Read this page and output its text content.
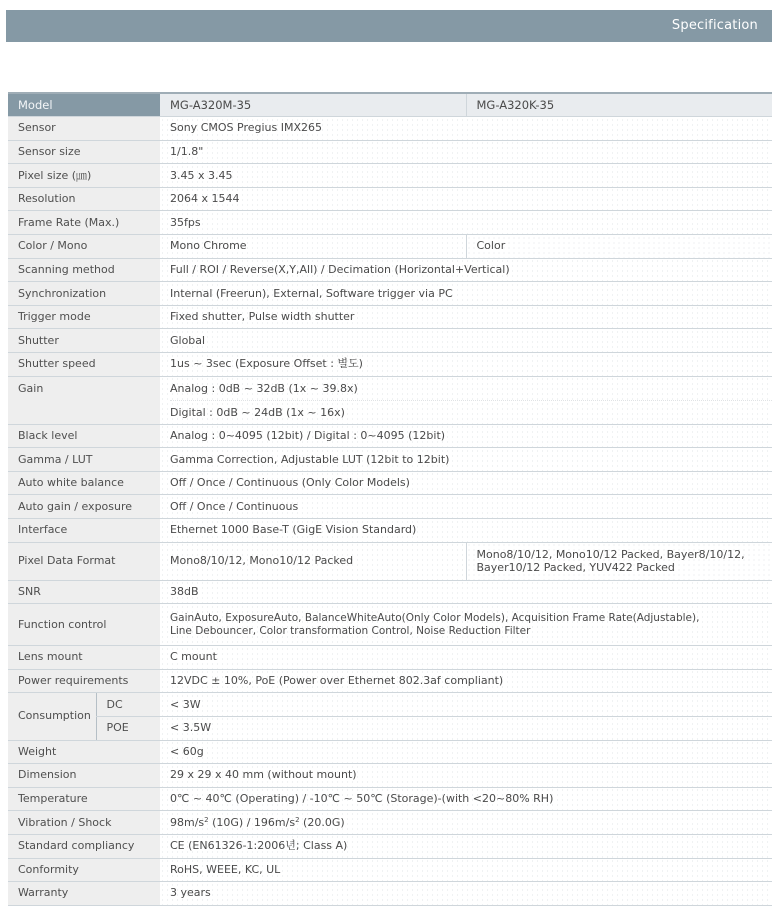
Specification
Model		MG-A320M-35	MG-A320K-35
Sensor		Sony CMOS Pregius IMX265	
Sensor size		1/1.8"	
Pixel size (㎛)		3.45 x 3.45	
Resolution		2064 x 1544	
Frame Rate (Max.)		35fps	
Color / Mono		Mono Chrome	Color
Scanning method		Full / ROI / Reverse(X,Y,All) / Decimation (Horizontal+Vertical)	
Synchronization		Internal (Freerun), External, Software trigger via PC	
Trigger mode		Fixed shutter, Pulse width shutter	
Shutter		Global	
Shutter speed		1us ~ 3sec (Exposure Offset : 별도)	
Gain		Analog : 0dB ~ 32dB (1x ~ 39.8x)
Digital : 0dB ~ 24dB (1x ~ 16x)	

Black level		Analog : 0~4095 (12bit) / Digital : 0~4095 (12bit)	
Gamma / LUT		Gamma Correction, Adjustable LUT (12bit to 12bit)	
Auto white balance		Off / Once / Continuous (Only Color Models)	
Auto gain / exposure		Off / Once / Continuous	
Interface		Ethernet 1000 Base-T (GigE Vision Standard)	
Pixel Data Format		Mono8/10/12, Mono10/12 Packed	Mono8/10/12, Mono10/12 Packed, Bayer8/10/12,
Bayer10/12 Packed, YUV422 Packed

SNR		38dB	
Function control		GainAuto, ExposureAuto, BalanceWhiteAuto(Only Color Models), Acquisition Frame Rate(Adjustable),
Line Debouncer, Color transformation Control, Noise Reduction Filter	

Lens mount		C mount	
Power requirements		12VDC ± 10%, PoE (Power over Ethernet 802.3af compliant)	
Consumption	DC	< 3W	
	POE	< 3.5W	
Weight		< 60g	
Dimension		29 x 29 x 40 mm (without mount)	
Temperature		0℃ ~ 40℃ (Operating) / -10℃ ~ 50℃ (Storage)-(with <20~80% RH)	
Vibration / Shock		$98m/s^2$ $(10G) / 196m/s^2$ (20.0G)	
Standard compliancy		CE (EN61326-1:2006년; Class A)	
Conformity		RoHS, WEEE, KC, UL	
Warranty		3 years	
